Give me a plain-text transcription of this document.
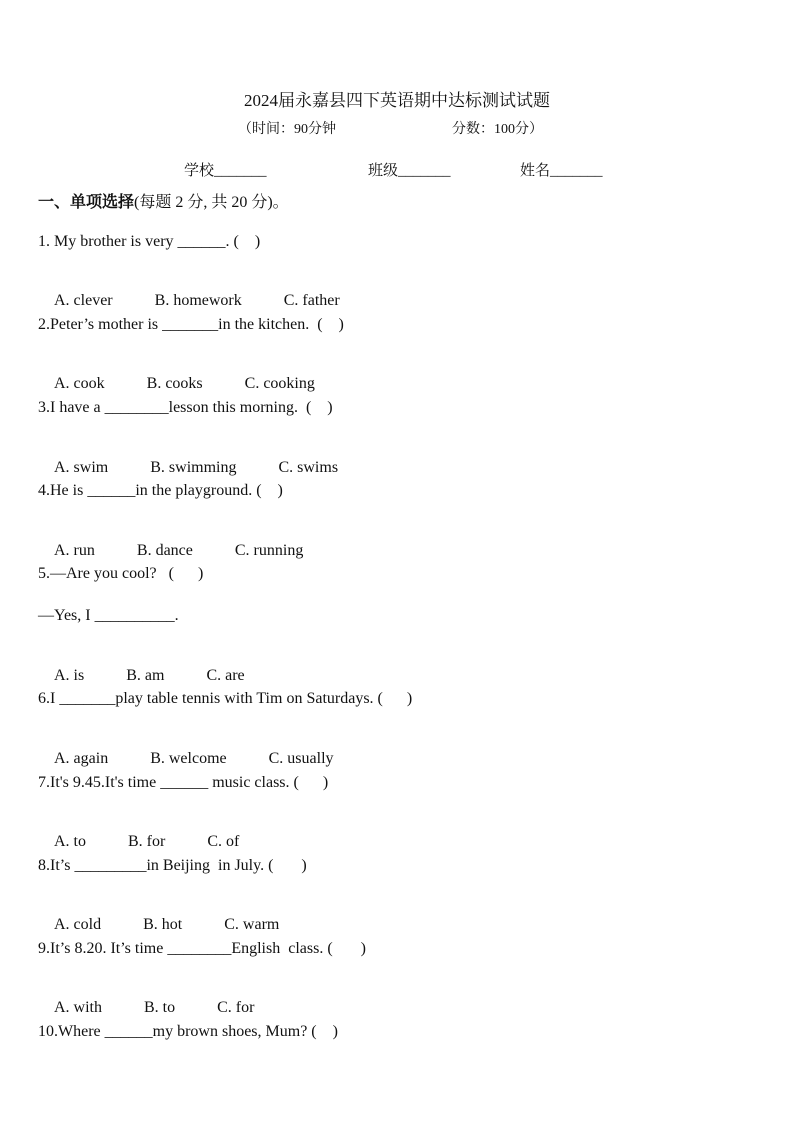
2024届永嘉县四下英语期中达标测试试题
（时间：90分钟	分数：100分）
学校_______	班级_______	姓名_______
一、单项选择(每题 2 分, 共 20 分)。
1. My brother is very ______. (    )

A. clever	B. homework	C. father

2.Peter’s mother is _______in the kitchen.  (    )

A. cook	B. cooks	C. cooking

3.I have a ________lesson this morning.  (    )

A. swim	B. swimming	C. swims

4.He is ______in the playground. (    )

A. run	B. dance	C. running

5.—Are you cool?   (      )
—Yes, I __________.

A. is	B. am	C. are

6.I _______play table tennis with Tim on Saturdays. (      )

A. again	B. welcome	C. usually

7.It's 9.45.It's time ______ music class. (      )

A. to	B. for	C. of

8.It’s _________in Beijing  in July. (       )

A. cold	B. hot	C. warm

9.It’s 8.20. It’s time ________English  class. (       )

A. with	B. to	C. for

10.Where ______my brown shoes, Mum? (    )
